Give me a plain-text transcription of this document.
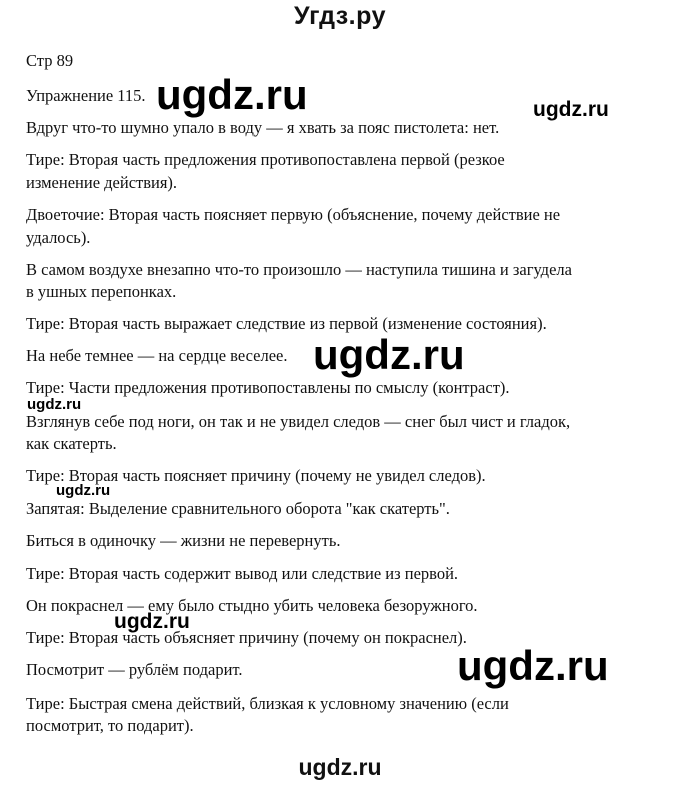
Угдз.ру
Стр 89
Упражнение 115.
Вдруг что-то шумно упало в воду — я хвать за пояс пистолета: нет.
Тире: Вторая часть предложения противопоставлена первой (резкое
изменение действия).
Двоеточие: Вторая часть поясняет первую (объяснение, почему действие не
удалось).
В самом воздухе внезапно что-то произошло — наступила тишина и загудела
в ушных перепонках.
Тире: Вторая часть выражает следствие из первой (изменение состояния).
На небе темнее — на сердце веселее.
Тире: Части предложения противопоставлены по смыслу (контраст).
Взглянув себе под ноги, он так и не увидел следов — снег был чист и гладок,
как скатерть.
Тире: Вторая часть поясняет причину (почему не увидел следов).
Запятая: Выделение сравнительного оборота "как скатерть".
Биться в одиночку — жизни не перевернуть.
Тире: Вторая часть содержит вывод или следствие из первой.
Он покраснел — ему было стыдно убить человека безоружного.
Тире: Вторая часть объясняет причину (почему он покраснел).
Посмотрит — рублём подарит.
Тире: Быстрая смена действий, близкая к условному значению (если
посмотрит, то подарит).
ugdz.ru	ugdz.ru
ugdz.ru
ugdz.ru
ugdz.ru
ugdz.ru
ugdz.ru
ugdz.ru
